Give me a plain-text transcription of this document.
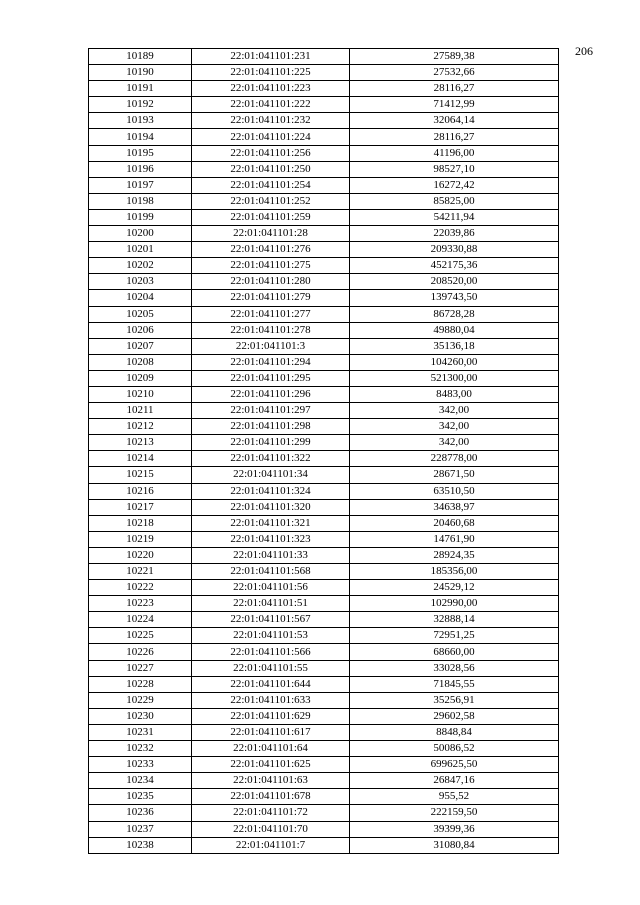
206
10189	22:01:041101:231	27589,38
10190	22:01:041101:225	27532,66
10191	22:01:041101:223	28116,27
10192	22:01:041101:222	71412,99
10193	22:01:041101:232	32064,14
10194	22:01:041101:224	28116,27
10195	22:01:041101:256	41196,00
10196	22:01:041101:250	98527,10
10197	22:01:041101:254	16272,42
10198	22:01:041101:252	85825,00
10199	22:01:041101:259	54211,94
10200	22:01:041101:28	22039,86
10201	22:01:041101:276	209330,88
10202	22:01:041101:275	452175,36
10203	22:01:041101:280	208520,00
10204	22:01:041101:279	139743,50
10205	22:01:041101:277	86728,28
10206	22:01:041101:278	49880,04
10207	22:01:041101:3	35136,18
10208	22:01:041101:294	104260,00
10209	22:01:041101:295	521300,00
10210	22:01:041101:296	8483,00
10211	22:01:041101:297	342,00
10212	22:01:041101:298	342,00
10213	22:01:041101:299	342,00
10214	22:01:041101:322	228778,00
10215	22:01:041101:34	28671,50
10216	22:01:041101:324	63510,50
10217	22:01:041101:320	34638,97
10218	22:01:041101:321	20460,68
10219	22:01:041101:323	14761,90
10220	22:01:041101:33	28924,35
10221	22:01:041101:568	185356,00
10222	22:01:041101:56	24529,12
10223	22:01:041101:51	102990,00
10224	22:01:041101:567	32888,14
10225	22:01:041101:53	72951,25
10226	22:01:041101:566	68660,00
10227	22:01:041101:55	33028,56
10228	22:01:041101:644	71845,55
10229	22:01:041101:633	35256,91
10230	22:01:041101:629	29602,58
10231	22:01:041101:617	8848,84
10232	22:01:041101:64	50086,52
10233	22:01:041101:625	699625,50
10234	22:01:041101:63	26847,16
10235	22:01:041101:678	955,52
10236	22:01:041101:72	222159,50
10237	22:01:041101:70	39399,36
10238	22:01:041101:7	31080,84
